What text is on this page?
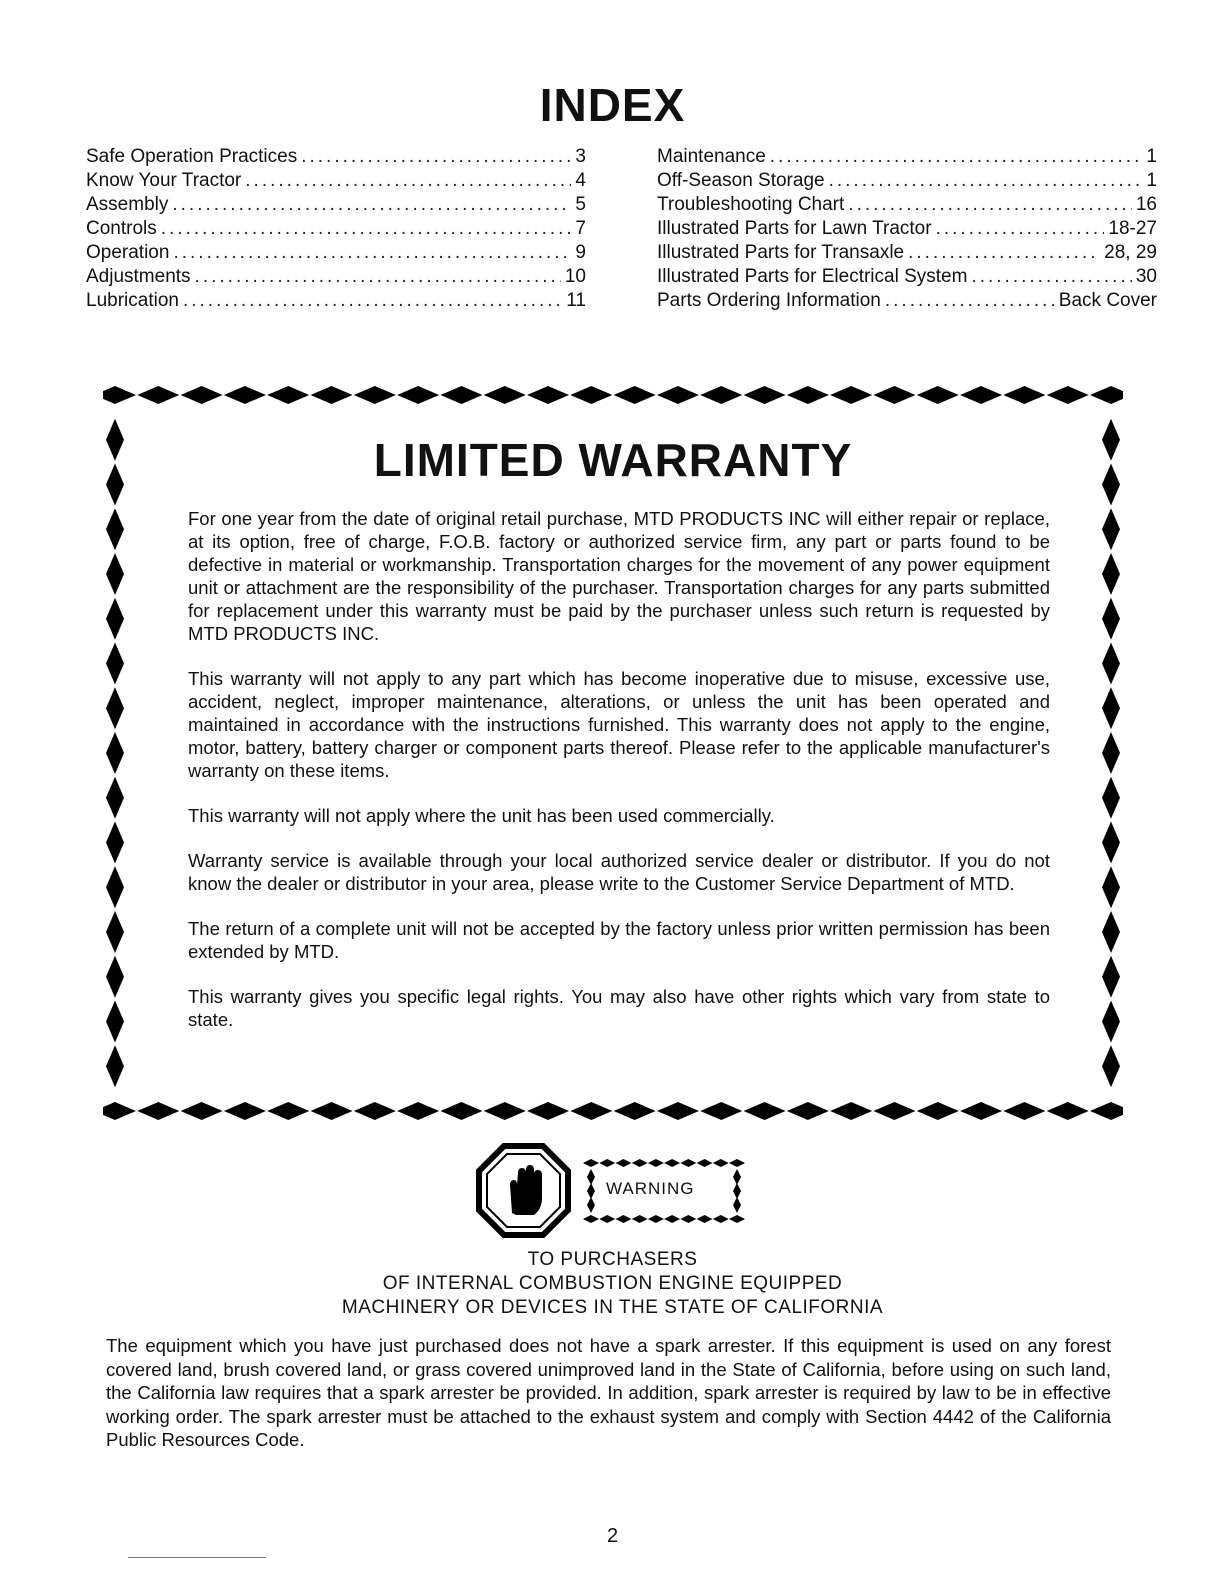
INDEX
Safe Operation Practices .....	3
Know Your Tractor .....	4
Assembly .....	5
Controls .....	7
Operation .....	9
Adjustments .....	10
Lubrication .....	11
Maintenance .....	1
Off-Season Storage .....	1
Troubleshooting Chart .....	16
Illustrated Parts for Lawn Tractor .....	18-27
Illustrated Parts for Transaxle .....	28, 29
Illustrated Parts for Electrical System .....	30
Parts Ordering Information .....	Back Cover
LIMITED WARRANTY

For one year from the date of original retail purchase, MTD PRODUCTS INC will either repair or replace, at its option, free of charge, F.O.B. factory or authorized service firm, any part or parts found to be defective in material or workmanship. Transportation charges for the movement of any power equipment unit or attachment are the responsibility of the purchaser. Transportation charges for any parts submitted for replacement under this warranty must be paid by the purchaser unless such return is requested by MTD PRODUCTS INC.

This warranty will not apply to any part which has become inoperative due to misuse, excessive use, accident, neglect, improper maintenance, alterations, or unless the unit has been operated and maintained in accordance with the instructions furnished. This warranty does not apply to the engine, motor, battery, battery charger or component parts thereof. Please refer to the applicable manufacturer's warranty on these items.

This warranty will not apply where the unit has been used commercially.

Warranty service is available through your local authorized service dealer or distributor. If you do not know the dealer or distributor in your area, please write to the Customer Service Department of MTD.

The return of a complete unit will not be accepted by the factory unless prior written permission has been extended by MTD.

This warranty gives you specific legal rights. You may also have other rights which vary from state to state.

WARNING
TO PURCHASERS
OF INTERNAL COMBUSTION ENGINE EQUIPPED
MACHINERY OR DEVICES IN THE STATE OF CALIFORNIA
The equipment which you have just purchased does not have a spark arrester. If this equipment is used on any forest covered land, brush covered land, or grass covered unimproved land in the State of California, before using on such land, the California law requires that a spark arrester be provided. In addition, spark arrester is required by law to be in effective working order. The spark arrester must be attached to the exhaust system and comply with Section 4442 of the California Public Resources Code.
2
